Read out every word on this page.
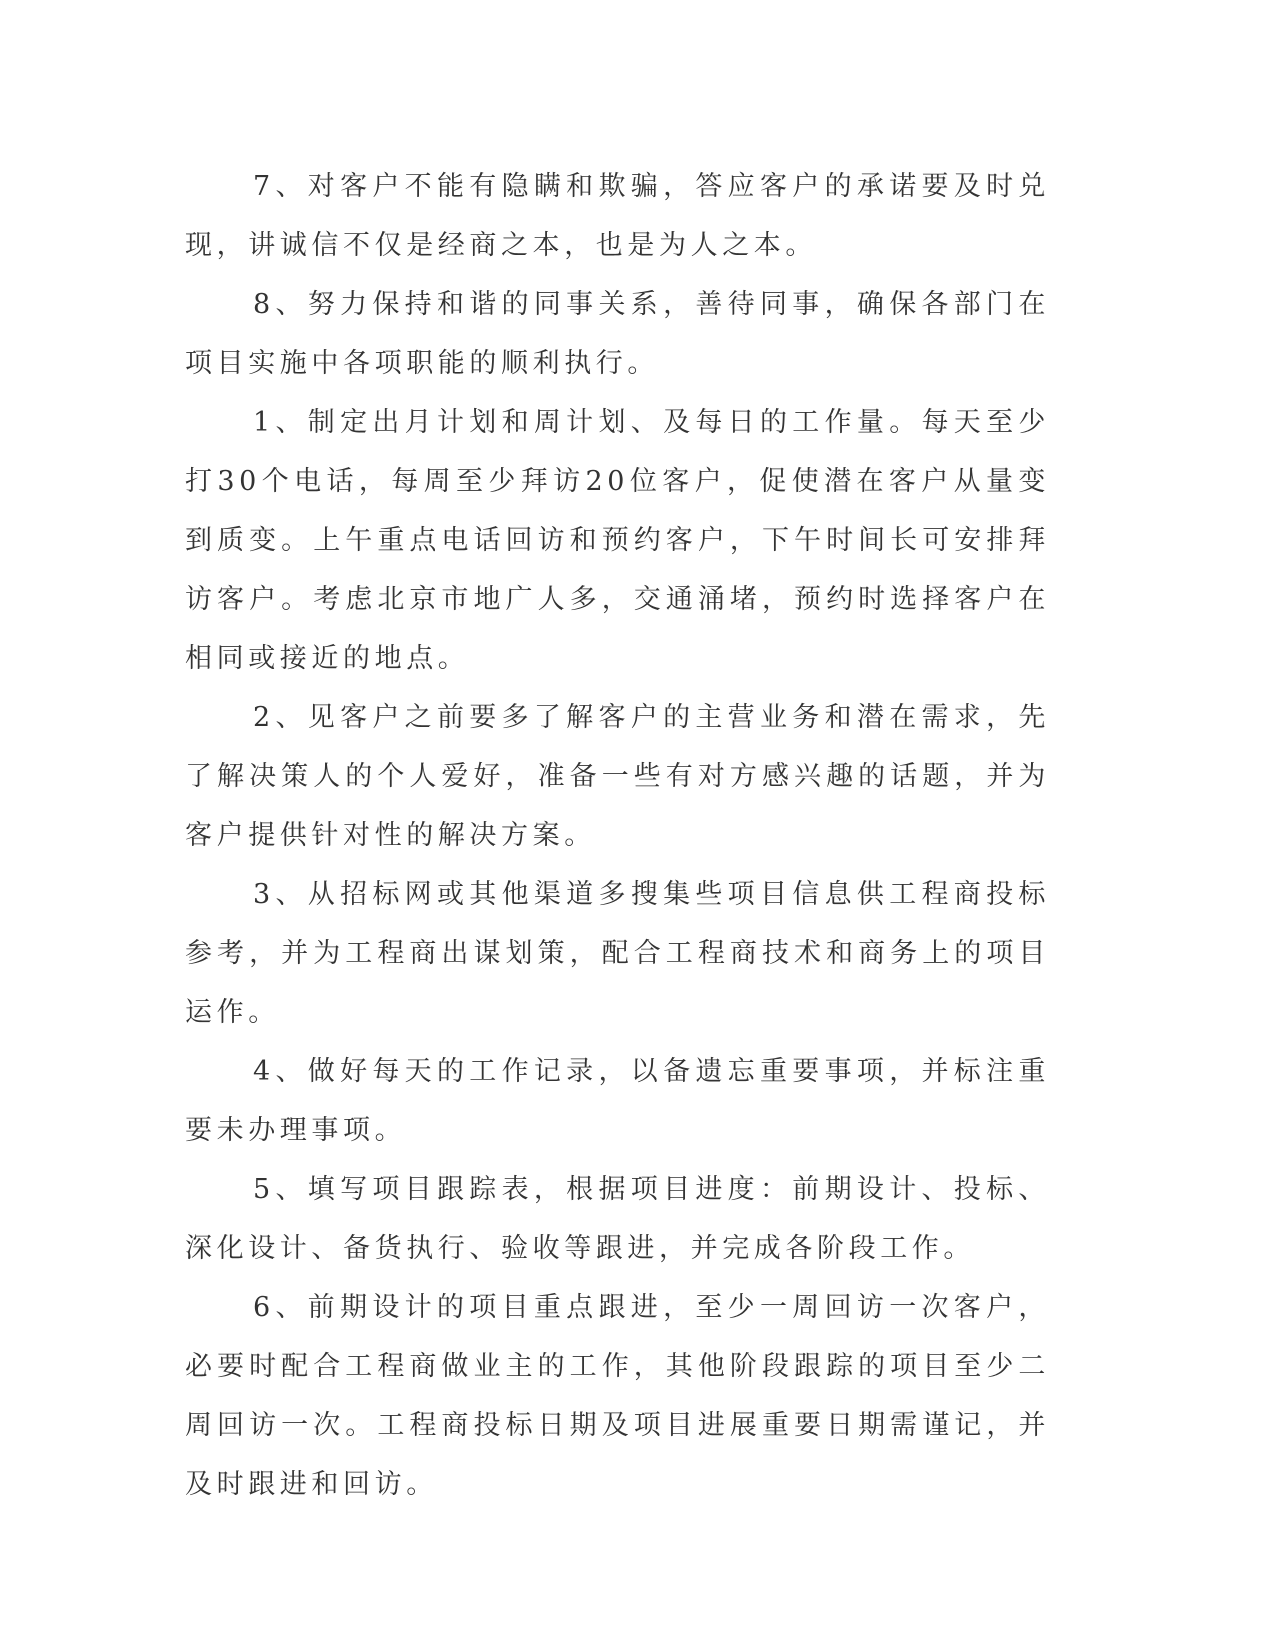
7、对客户不能有隐瞒和欺骗，答应客户的承诺要及时兑现，讲诚信不仅是经商之本，也是为人之本。

8、努力保持和谐的同事关系，善待同事，确保各部门在项目实施中各项职能的顺利执行。

1、制定出月计划和周计划、及每日的工作量。每天至少打30个电话，每周至少拜访20位客户，促使潜在客户从量变到质变。上午重点电话回访和预约客户，下午时间长可安排拜访客户。考虑北京市地广人多，交通涌堵，预约时选择客户在相同或接近的地点。

2、见客户之前要多了解客户的主营业务和潜在需求，先了解决策人的个人爱好，准备一些有对方感兴趣的话题，并为客户提供针对性的解决方案。

3、从招标网或其他渠道多搜集些项目信息供工程商投标参考，并为工程商出谋划策，配合工程商技术和商务上的项目运作。

4、做好每天的工作记录，以备遗忘重要事项，并标注重要未办理事项。

5、填写项目跟踪表，根据项目进度：前期设计、投标、深化设计、备货执行、验收等跟进，并完成各阶段工作。

6、前期设计的项目重点跟进，至少一周回访一次客户，必要时配合工程商做业主的工作，其他阶段跟踪的项目至少二周回访一次。工程商投标日期及项目进展重要日期需谨记，并及时跟进和回访。
